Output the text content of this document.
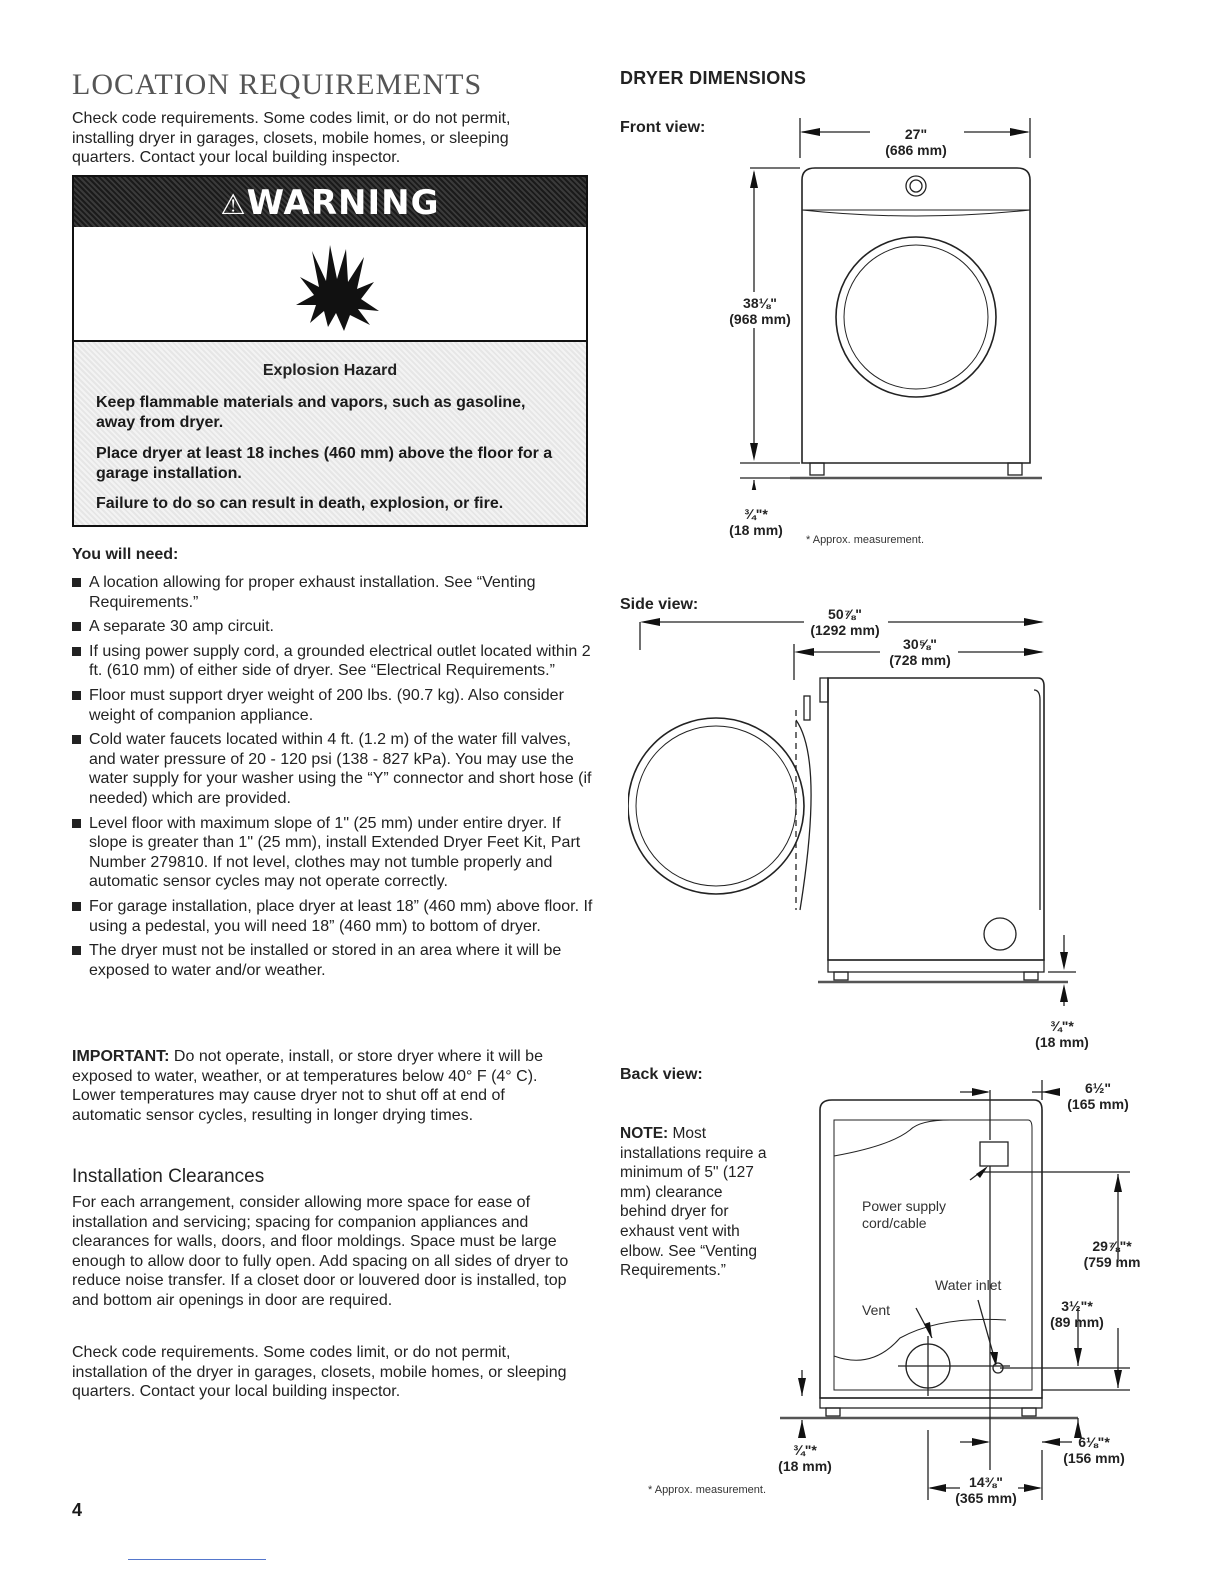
LOCATION REQUIREMENTS
Check code requirements. Some codes limit, or do not permit, installing dryer in garages, closets, mobile homes, or sleeping quarters. Contact your local building inspector.
⚠WARNING
Explosion Hazard
Keep flammable materials and vapors, such as gasoline, away from dryer.
Place dryer at least 18 inches (460 mm) above the floor for a garage installation.
Failure to do so can result in death, explosion, or fire.
You will need:
A location allowing for proper exhaust installation. See “Venting Requirements.”
A separate 30 amp circuit.
If using power supply cord, a grounded electrical outlet located within 2 ft. (610 mm) of either side of dryer. See “Electrical Requirements.”
Floor must support dryer weight of 200 lbs. (90.7 kg). Also consider weight of companion appliance.
Cold water faucets located within 4 ft. (1.2 m) of the water fill valves, and water pressure of 20 - 120 psi (138 - 827 kPa). You may use the water supply for your washer using the “Y” connector and short hose (if needed) which are provided.
Level floor with maximum slope of 1" (25 mm) under entire dryer. If slope is greater than 1" (25 mm), install Extended Dryer Feet Kit, Part Number 279810. If not level, clothes may not tumble properly and automatic sensor cycles may not operate correctly.
For garage installation, place dryer at least 18” (460 mm) above floor. If using a pedestal, you will need 18” (460 mm) to bottom of dryer.
The dryer must not be installed or stored in an area where it will be exposed to water and/or weather.
IMPORTANT: Do not operate, install, or store dryer where it will be exposed to water, weather, or at temperatures below 40° F (4° C). Lower temperatures may cause dryer not to shut off at end of automatic sensor cycles, resulting in longer drying times.
Installation Clearances
For each arrangement, consider allowing more space for ease of installation and servicing; spacing for companion appliances and clearances for walls, doors, and floor moldings. Space must be large enough to allow door to fully open. Add spacing on all sides of dryer to reduce noise transfer. If a closet door or louvered door is installed, top and bottom air openings in door are required.
Check code requirements. Some codes limit, or do not permit, installation of the dryer in garages, closets, mobile homes, or sleeping quarters. Contact your local building inspector.
4
DRYER DIMENSIONS
Front view:	27"
(686 mm)
38⅛"
(968 mm)
¾"*
(18 mm)
* Approx. measurement.
Side view:
50⅞"
(1292 mm)
30⅝"
(728 mm)
¾"*
(18 mm)
Back view:
NOTE: Most installations require a minimum of 5" (127 mm) clearance behind dryer for exhaust vent with elbow. See “Venting Requirements.”
Power supply cord/cable
Water inlet
Vent
6½"
(165 mm)
29⅞"*
(759 mm
3½"*
(89 mm)
¾"*
(18 mm)
6⅛"*
(156 mm)
14⅜"
(365 mm)
* Approx. measurement.
